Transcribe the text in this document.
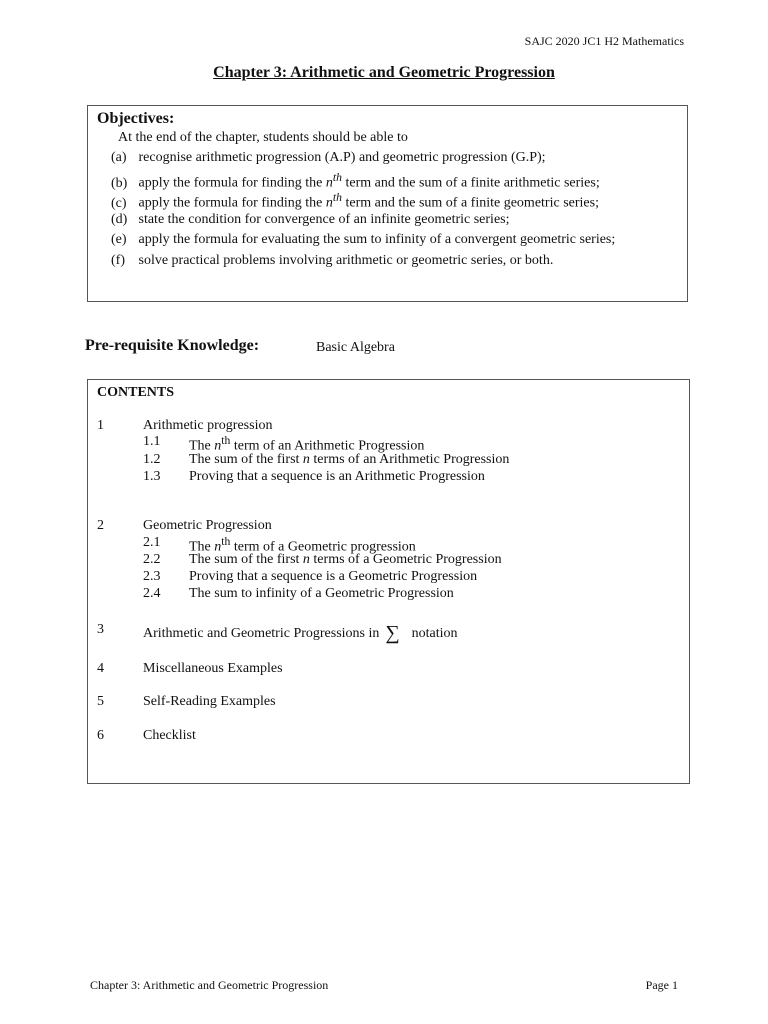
SAJC 2020 JC1 H2 Mathematics
Chapter 3: Arithmetic and Geometric Progression
Objectives:
At the end of the chapter, students should be able to
(a) recognise arithmetic progression (A.P) and geometric progression (G.P);
(b) apply the formula for finding the $n^{th}$ term and the sum of a finite arithmetic series;
(c) apply the formula for finding the $n^{th}$ term and the sum of a finite geometric series;
(d) state the condition for convergence of an infinite geometric series;
(e) apply the formula for evaluating the sum to infinity of a convergent geometric series;
(f) solve practical problems involving arithmetic or geometric series, or both.
Pre-requisite Knowledge:	Basic Algebra
CONTENTS
1	Arithmetic progression
1.1 The $n^{th}$ term of an Arithmetic Progression
1.2 The sum of the first n terms of an Arithmetic Progression
1.3 Proving that a sequence is an Arithmetic Progression
2	Geometric Progression
2.1 The $n^{th}$ term of a Geometric progression
2.2 The sum of the first n terms of a Geometric Progression
2.3 Proving that a sequence is a Geometric Progression
2.4 The sum to infinity of a Geometric Progression
3	Arithmetic and Geometric Progressions in ∑ notation
4	Miscellaneous Examples
5	Self-Reading Examples
6	Checklist
Chapter 3: Arithmetic and Geometric Progression	Page 1
